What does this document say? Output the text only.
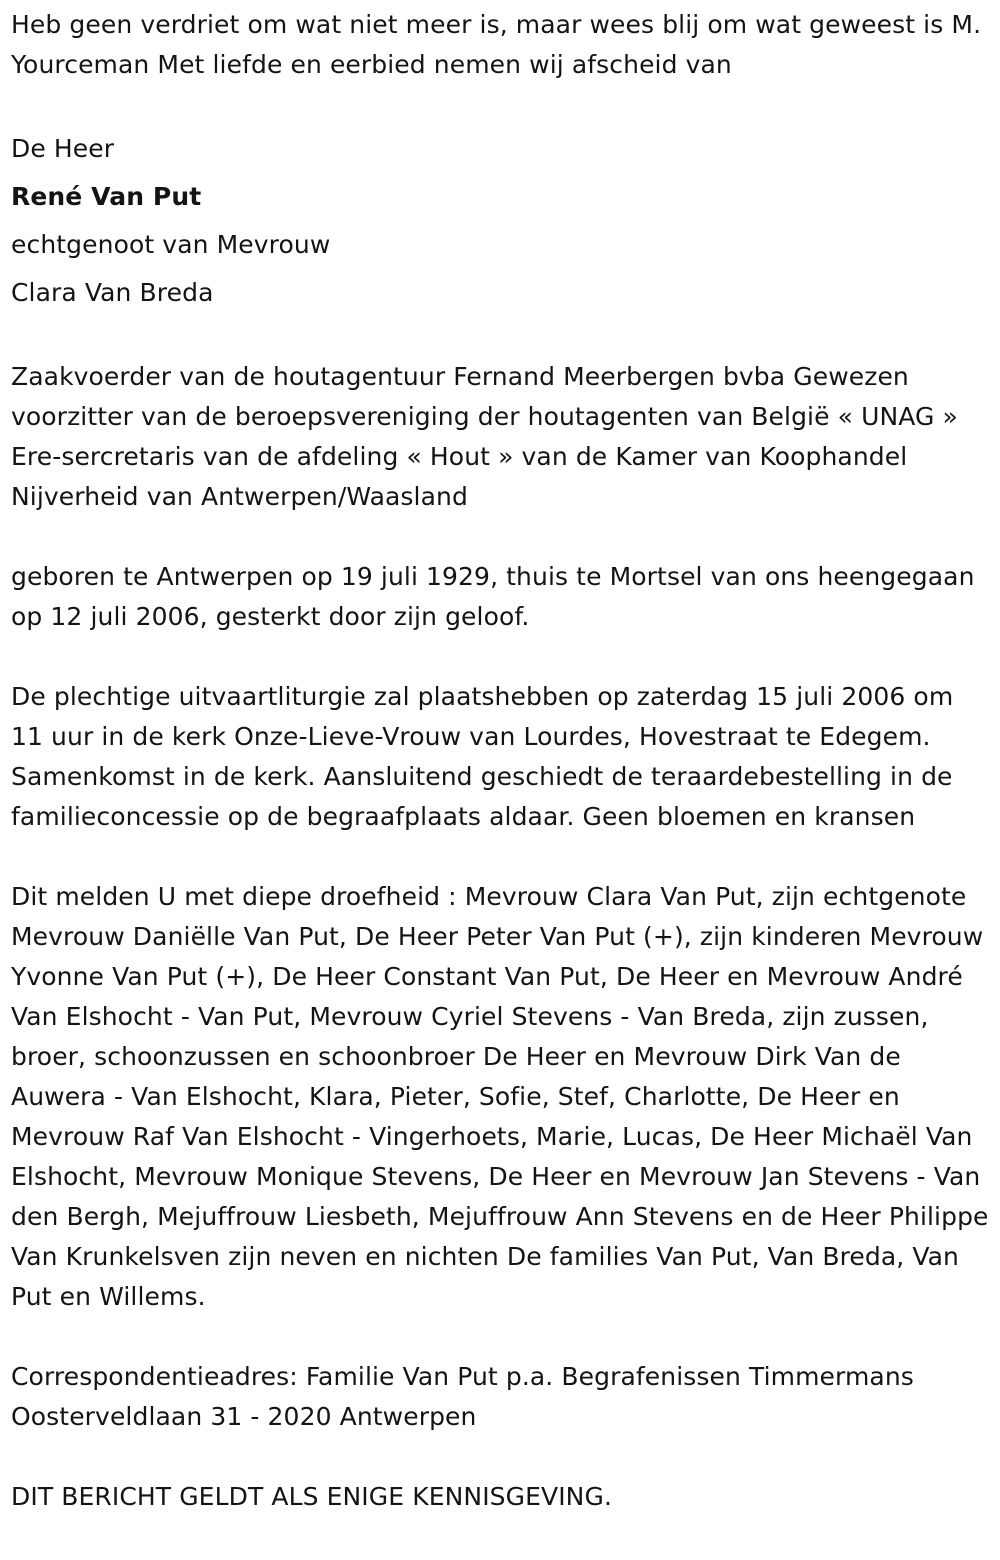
Heb geen verdriet om wat niet meer is, maar wees blij om wat geweest is M. Yourceman Met liefde en eerbied nemen wij afscheid van

De Heer

René Van Put

echtgenoot van Mevrouw

Clara Van Breda

Zaakvoerder van de houtagentuur Fernand Meerbergen bvba Gewezen voorzitter van de beroepsvereniging der houtagenten van België « UNAG » Ere-sercretaris van de afdeling « Hout » van de Kamer van Koophandel Nijverheid van Antwerpen/Waasland

geboren te Antwerpen op 19 juli 1929, thuis te Mortsel van ons heengegaan op 12 juli 2006, gesterkt door zijn geloof.

De plechtige uitvaartliturgie zal plaatshebben op zaterdag 15 juli 2006 om 11 uur in de kerk Onze-Lieve-Vrouw van Lourdes, Hovestraat te Edegem. Samenkomst in de kerk. Aansluitend geschiedt de teraardebestelling in de familieconcessie op de begraafplaats aldaar. Geen bloemen en kransen

Dit melden U met diepe droefheid : Mevrouw Clara Van Put, zijn echtgenote Mevrouw Daniëlle Van Put, De Heer Peter Van Put (+), zijn kinderen Mevrouw Yvonne Van Put (+), De Heer Constant Van Put, De Heer en Mevrouw André Van Elshocht - Van Put, Mevrouw Cyriel Stevens - Van Breda, zijn zussen, broer, schoonzussen en schoonbroer De Heer en Mevrouw Dirk Van de Auwera - Van Elshocht, Klara, Pieter, Sofie, Stef, Charlotte, De Heer en Mevrouw Raf Van Elshocht - Vingerhoets, Marie, Lucas, De Heer Michaël Van Elshocht, Mevrouw Monique Stevens, De Heer en Mevrouw Jan Stevens - Van den Bergh, Mejuffrouw Liesbeth, Mejuffrouw Ann Stevens en de Heer Philippe Van Krunkelsven zijn neven en nichten De families Van Put, Van Breda, Van Put en Willems.

Correspondentieadres: Familie Van Put p.a. Begrafenissen Timmermans Oosterveldlaan 31 - 2020 Antwerpen

DIT BERICHT GELDT ALS ENIGE KENNISGEVING.
